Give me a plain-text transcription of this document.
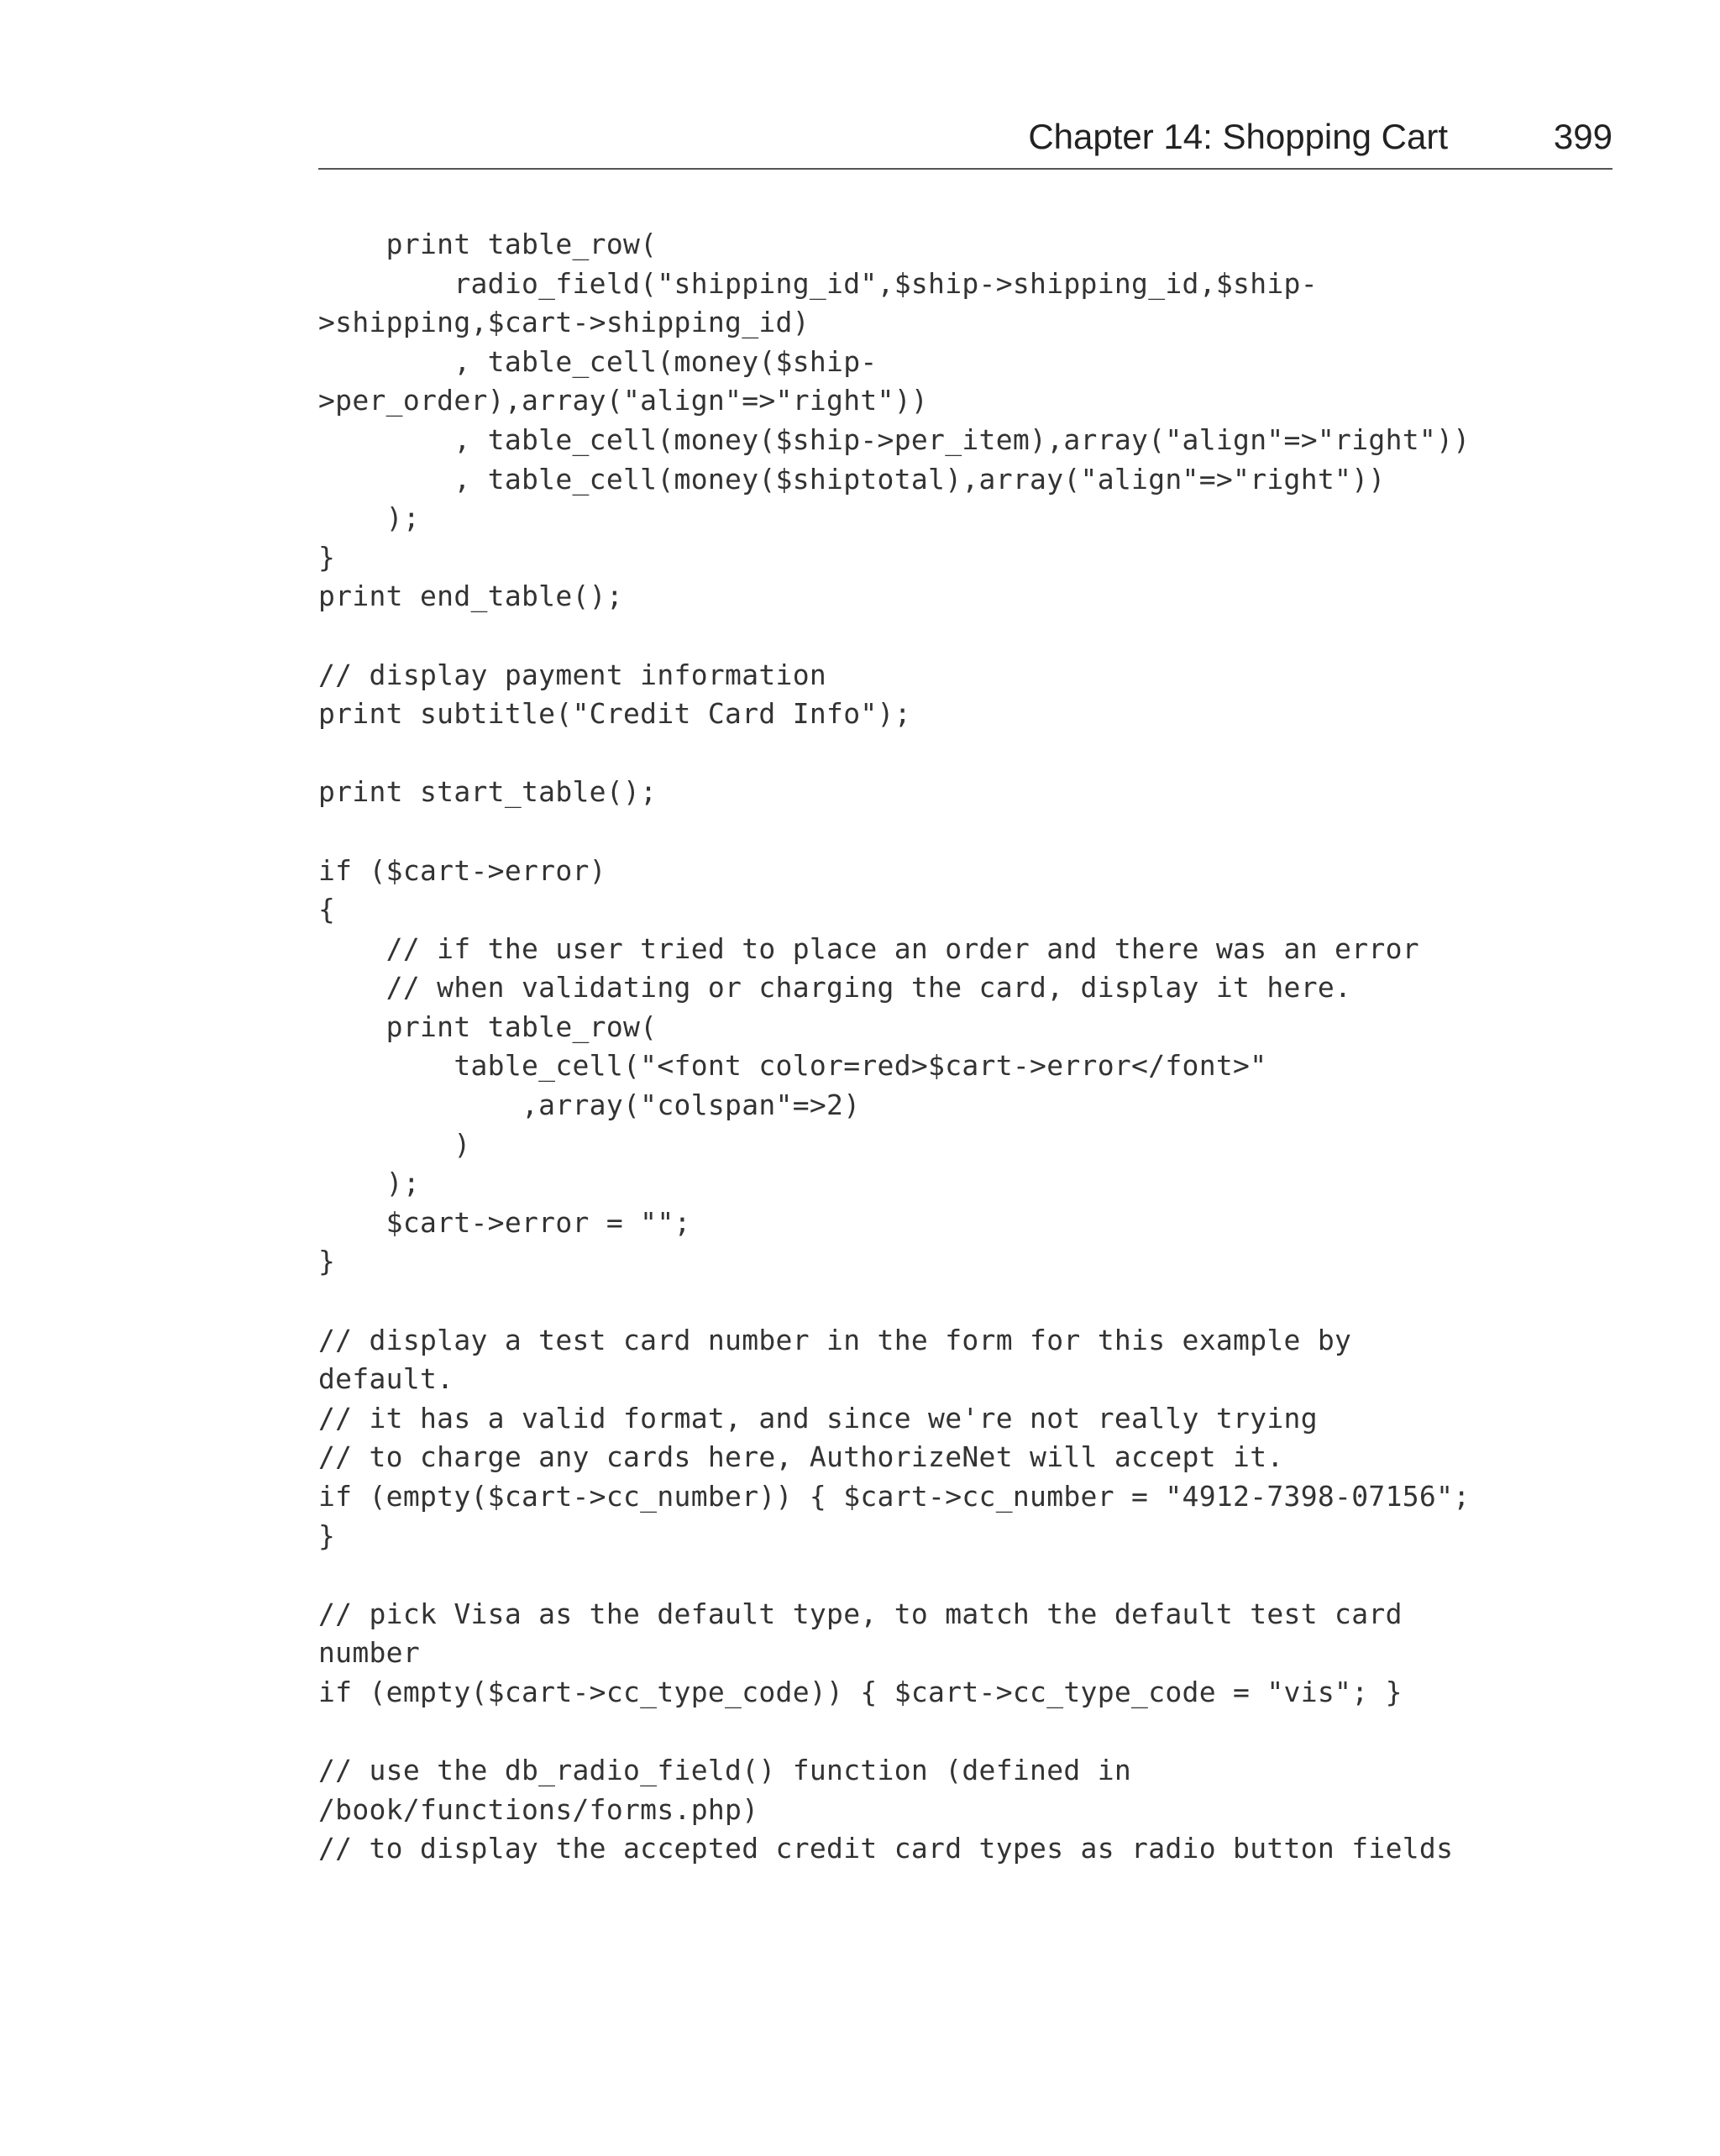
Chapter 14: Shopping Cart	399
print table_row(
radio_field("shipping_id",$ship->shipping_id,$ship-
>shipping,$cart->shipping_id)
, table_cell(money($ship-
>per_order),array("align"=>"right"))
, table_cell(money($ship->per_item),array("align"=>"right"))
, table_cell(money($shiptotal),array("align"=>"right"))
);
}
print end_table();

// display payment information
print subtitle("Credit Card Info");

print start_table();

if ($cart->error)
{
// if the user tried to place an order and there was an error
// when validating or charging the card, display it here.
print table_row(
table_cell("<font color=red>$cart->error</font>"
,array("colspan"=>2)
)
);
$cart->error = "";
}

// display a test card number in the form for this example by
default.
// it has a valid format, and since we're not really trying
// to charge any cards here, AuthorizeNet will accept it.
if (empty($cart->cc_number)) { $cart->cc_number = "4912-7398-07156";
}

// pick Visa as the default type, to match the default test card
number
if (empty($cart->cc_type_code)) { $cart->cc_type_code = "vis"; }

// use the db_radio_field() function (defined in
/book/functions/forms.php)
// to display the accepted credit card types as radio button fields
